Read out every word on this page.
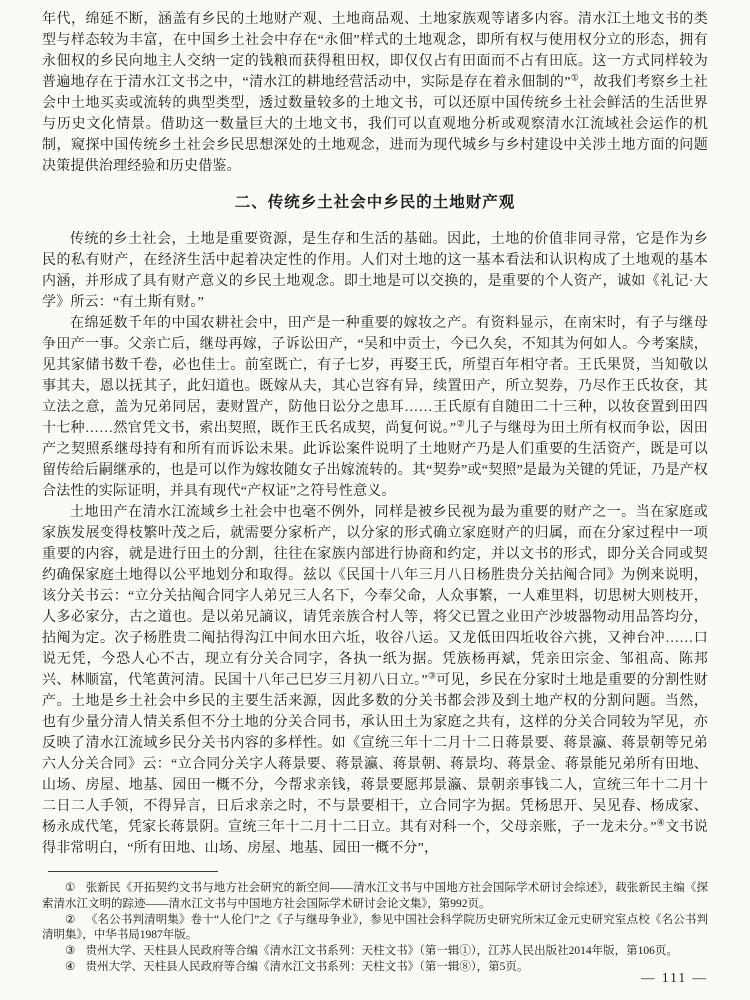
年代，绵延不断，涵盖有乡民的土地财产观、土地商品观、土地家族观等诸多内容。清水江土地文书的类型与样态较为丰富，在中国乡土社会中存在“永佃”样式的土地观念，即所有权与使用权分立的形态，拥有永佃权的乡民向地主人交纳一定的钱粮而获得租田权，即仅仅占有田面而不占有田底。这一方式同样较为普遍地存在于清水江文书之中，“清水江的耕地经营活动中，实际是存在着永佃制的”①，故我们考察乡土社会中土地买卖或流转的典型类型，透过数量较多的土地文书，可以还原中国传统乡土社会鲜活的生活世界与历史文化情景。借助这一数量巨大的土地文书，我们可以直观地分析或观察清水江流域社会运作的机制，窥探中国传统乡土社会乡民思想深处的土地观念，进而为现代城乡与乡村建设中关涉土地方面的问题决策提供治理经验和历史借鉴。

二、传统乡土社会中乡民的土地财产观

传统的乡土社会，土地是重要资源，是生存和生活的基础。因此，土地的价值非同寻常，它是作为乡民的私有财产，在经济生活中起着决定性的作用。人们对土地的这一基本看法和认识构成了土地观的基本内涵，并形成了具有财产意义的乡民土地观念。即土地是可以交换的，是重要的个人资产，诚如《礼记·大学》所云：“有土斯有财。”

在绵延数千年的中国农耕社会中，田产是一种重要的嫁妆之产。有资料显示，在南宋时，有子与继母争田产一事。父亲亡后，继母再嫁，子诉讼田产，“吴和中贡士，今已久矣，不知其为何如人。今考案牍，见其家储书数千卷，必也佳士。前室既亡，有子七岁，再娶王氏，所望百年相守者。王氏果贤，当知敬以事其夫，恩以抚其子，此妇道也。既嫁从夫，其心岂容有异，续置田产，所立契券，乃尽作王氏妆奁，其立法之意，盖为兄弟同居，妻财置产，防他日讼分之患耳……王氏原有自随田二十三种，以妆奁置到田四十七种……然官凭文书，索出契照，既作王氏名成契，尚复何说。”②儿子与继母为田土所有权而争讼，因田产之契照系继母持有和所有而诉讼未果。此诉讼案件说明了土地财产乃是人们重要的生活资产，既是可以留传给后嗣继承的，也是可以作为嫁妆随女子出嫁流转的。其“契券”或“契照”是最为关键的凭证，乃是产权合法性的实际证明，并具有现代“产权证”之符号性意义。

土地田产在清水江流域乡土社会中也毫不例外，同样是被乡民视为最为重要的财产之一。当在家庭或家族发展变得枝繁叶茂之后，就需要分家析产，以分家的形式确立家庭财产的归属，而在分家过程中一项重要的内容，就是进行田土的分割，往往在家族内部进行协商和约定，并以文书的形式，即分关合同或契约确保家庭土地得以公平地划分和取得。兹以《民国十八年三月八日杨胜贵分关拈阄合同》为例来说明，该分关书云：“立分关拈阄合同字人弟兄三人名下，今奉父命，人众事繁，一人难里料，切思树大则枝开，人多必家分，古之道也。是以弟兄謪议，请凭亲族合村人等，将父已置之业田产沙坡器物动用品答均分，拈阄为定。次子杨胜贵二阄拈得沟江中间水田六坵，收谷八运。又龙低田四坵收谷六挑，又神台冲……口说无凭，今恐人心不古，现立有分关合同字，各执一纸为据。凭族杨再斌，凭亲田宗金、邹祖高、陈邦兴、林顺富，代笔黄河清。民国十八年己巳岁三月初八日立。”③可见，乡民在分家时土地是重要的分割性财产。土地是乡土社会中乡民的主要生活来源，因此多数的分关书都会涉及到土地产权的分割问题。当然，也有少量分清人情关系但不分土地的分关合同书，承认田土为家庭之共有，这样的分关合同较为罕见，亦反映了清水江流域乡民分关书内容的多样性。如《宣统三年十二月十二日蒋景要、蒋景瀛、蒋景朝等兄弟六人分关合同》云：“立合同分关字人蒋景要、蒋景瀛、蒋景朝、蒋景均、蒋景金、蒋景能兄弟所有田地、山场、房屋、地基、园田一概不分，今帮求亲钱，蒋景要愿邦景瀛、景朝亲事钱二人，宣统三年十二月十二日二人手领，不得异言，日后求亲之时，不与景要相干，立合同字为据。凭杨思开、吴见春、杨成家、杨永成代笔，凭家长蒋景阴。宣统三年十二月十二日立。其有对科一个，父母亲账，子一龙未分。”④文书说得非常明白，“所有田地、山场、房屋、地基、园田一概不分”，

① 张新民《开拓契约文书与地方社会研究的新空间——清水江文书与中国地方社会国际学术研讨会综述》，载张新民主编《探索清水江文明的踪迹——清水江文书与中国地方社会国际学术研讨会论文集》，第992页。

② 《名公书判清明集》卷十“人伦门”之《子与继母争业》，参见中国社会科学院历史研究所宋辽金元史研究室点校《名公书判清明集》，中华书局1987年版。

③ 贵州大学、天柱县人民政府等合编《清水江文书系列：天柱文书》（第一辑①），江苏人民出版社2014年版，第106页。

④ 贵州大学、天柱县人民政府等合编《清水江文书系列：天柱文书》（第一辑⑧），第5页。

— 111 —
